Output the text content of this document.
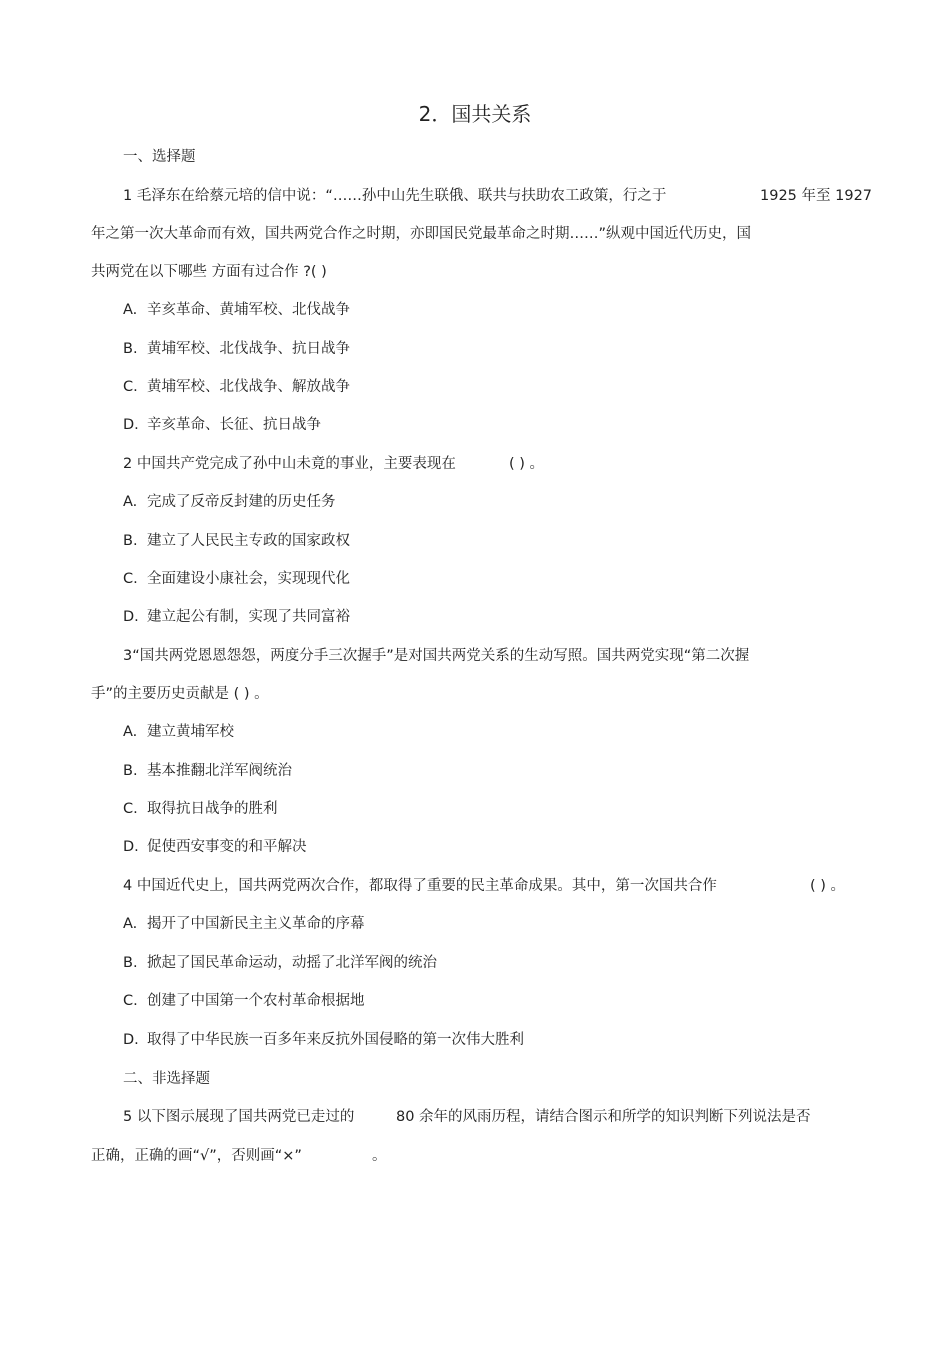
2．国共关系
一、选择题
1 毛泽东在给蔡元培的信中说：“……孙中山先生联俄、联共与扶助农工政策，行之于	1925 年至 1927
年之第一次大革命而有效，国共两党合作之时期，亦即国民党最革命之时期……”纵观中国近代历史，国
共两党在以下哪些 方面有过合作 ?( )
A. 辛亥革命、黄埔军校、北伐战争
B. 黄埔军校、北伐战争、抗日战争
C. 黄埔军校、北伐战争、解放战争
D. 辛亥革命、长征、抗日战争
2 中国共产党完成了孙中山未竟的事业，主要表现在	( ) 。
A. 完成了反帝反封建的历史任务
B. 建立了人民民主专政的国家政权
C. 全面建设小康社会，实现现代化
D. 建立起公有制，实现了共同富裕
3“国共两党恩恩怨怨，两度分手三次握手”是对国共两党关系的生动写照。国共两党实现“第二次握
手”的主要历史贡献是 ( ) 。
A. 建立黄埔军校
B. 基本推翻北洋军阀统治
C. 取得抗日战争的胜利
D. 促使西安事变的和平解决
4 中国近代史上，国共两党两次合作，都取得了重要的民主革命成果。其中，第一次国共合作	( ) 。
A. 揭开了中国新民主主义革命的序幕
B. 掀起了国民革命运动，动摇了北洋军阀的统治
C. 创建了中国第一个农村革命根据地
D. 取得了中华民族一百多年来反抗外国侵略的第一次伟大胜利
二、非选择题
5 以下图示展现了国共两党已走过的	80 余年的风雨历程，请结合图示和所学的知识判断下列说法是否
正确，正确的画“√”，否则画“×”	。
